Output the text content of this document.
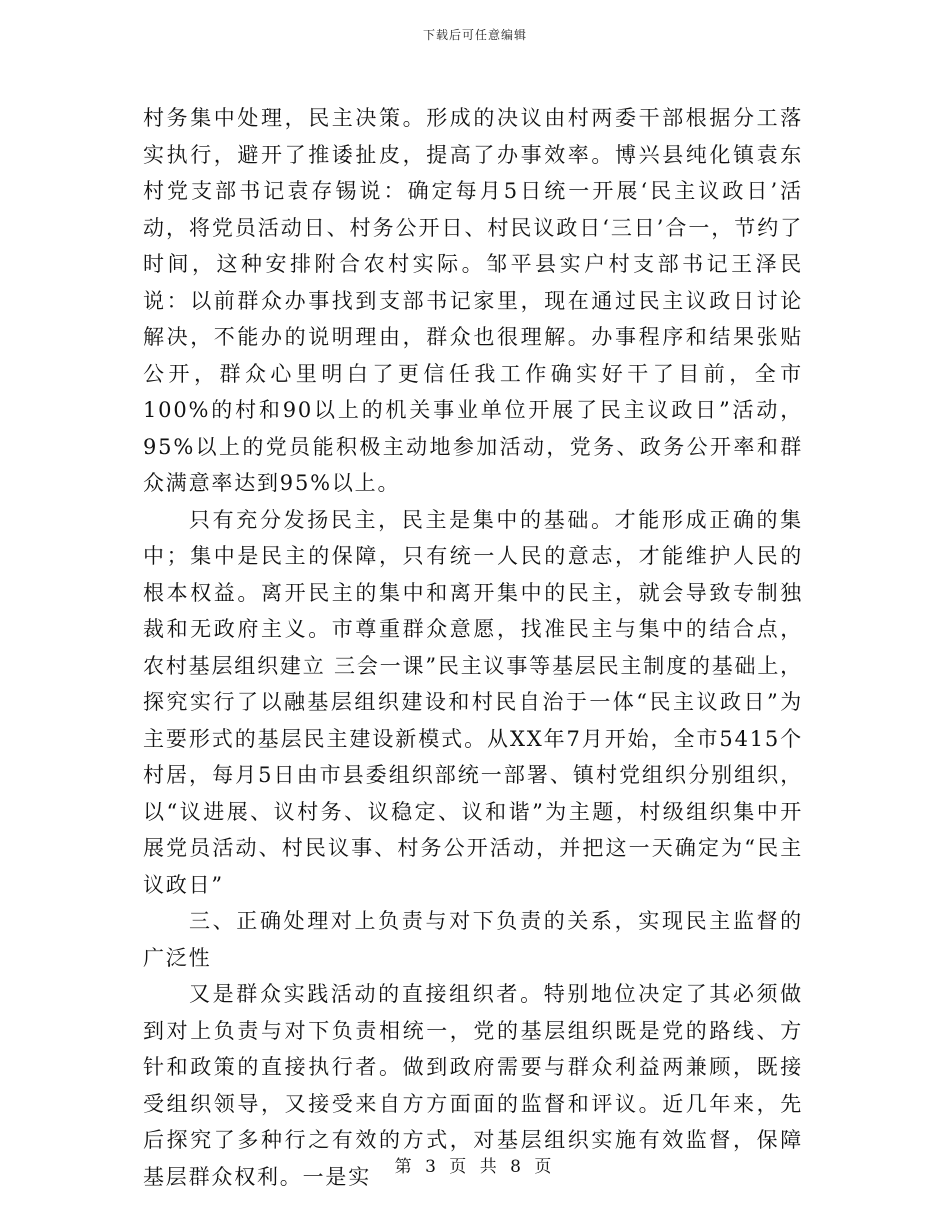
下载后可任意编辑

村务集中处理，民主决策。形成的决议由村两委干部根据分工落实执行，避开了推诿扯皮，提高了办事效率。博兴县纯化镇袁东村党支部书记袁存锡说：确定每月5日统一开展‘民主议政日’活动，将党员活动日、村务公开日、村民议政日‘三日’合一，节约了时间，这种安排附合农村实际。邹平县实户村支部书记王泽民说：以前群众办事找到支部书记家里，现在通过民主议政日讨论解决，不能办的说明理由，群众也很理解。办事程序和结果张贴公开，群众心里明白了更信任我工作确实好干了目前，全市100%的村和90以上的机关事业单位开展了民主议政日”活动，95%以上的党员能积极主动地参加活动，党务、政务公开率和群众满意率达到95%以上。

只有充分发扬民主，民主是集中的基础。才能形成正确的集中；集中是民主的保障，只有统一人民的意志，才能维护人民的根本权益。离开民主的集中和离开集中的民主，就会导致专制独裁和无政府主义。市尊重群众意愿，找准民主与集中的结合点，农村基层组织建立 三会一课”民主议事等基层民主制度的基础上，探究实行了以融基层组织建设和村民自治于一体“民主议政日”为主要形式的基层民主建设新模式。从XX年7月开始，全市5415个村居，每月5日由市县委组织部统一部署、镇村党组织分别组织，以“议进展、议村务、议稳定、议和谐”为主题，村级组织集中开展党员活动、村民议事、村务公开活动，并把这一天确定为“民主议政日”

三、正确处理对上负责与对下负责的关系，实现民主监督的广泛性

又是群众实践活动的直接组织者。特别地位决定了其必须做到对上负责与对下负责相统一，党的基层组织既是党的路线、方针和政策的直接执行者。做到政府需要与群众利益两兼顾，既接受组织领导，又接受来自方方面面的监督和评议。近几年来，先后探究了多种行之有效的方式，对基层组织实施有效监督，保障基层群众权利。一是实	第 3 页 共 8 页
